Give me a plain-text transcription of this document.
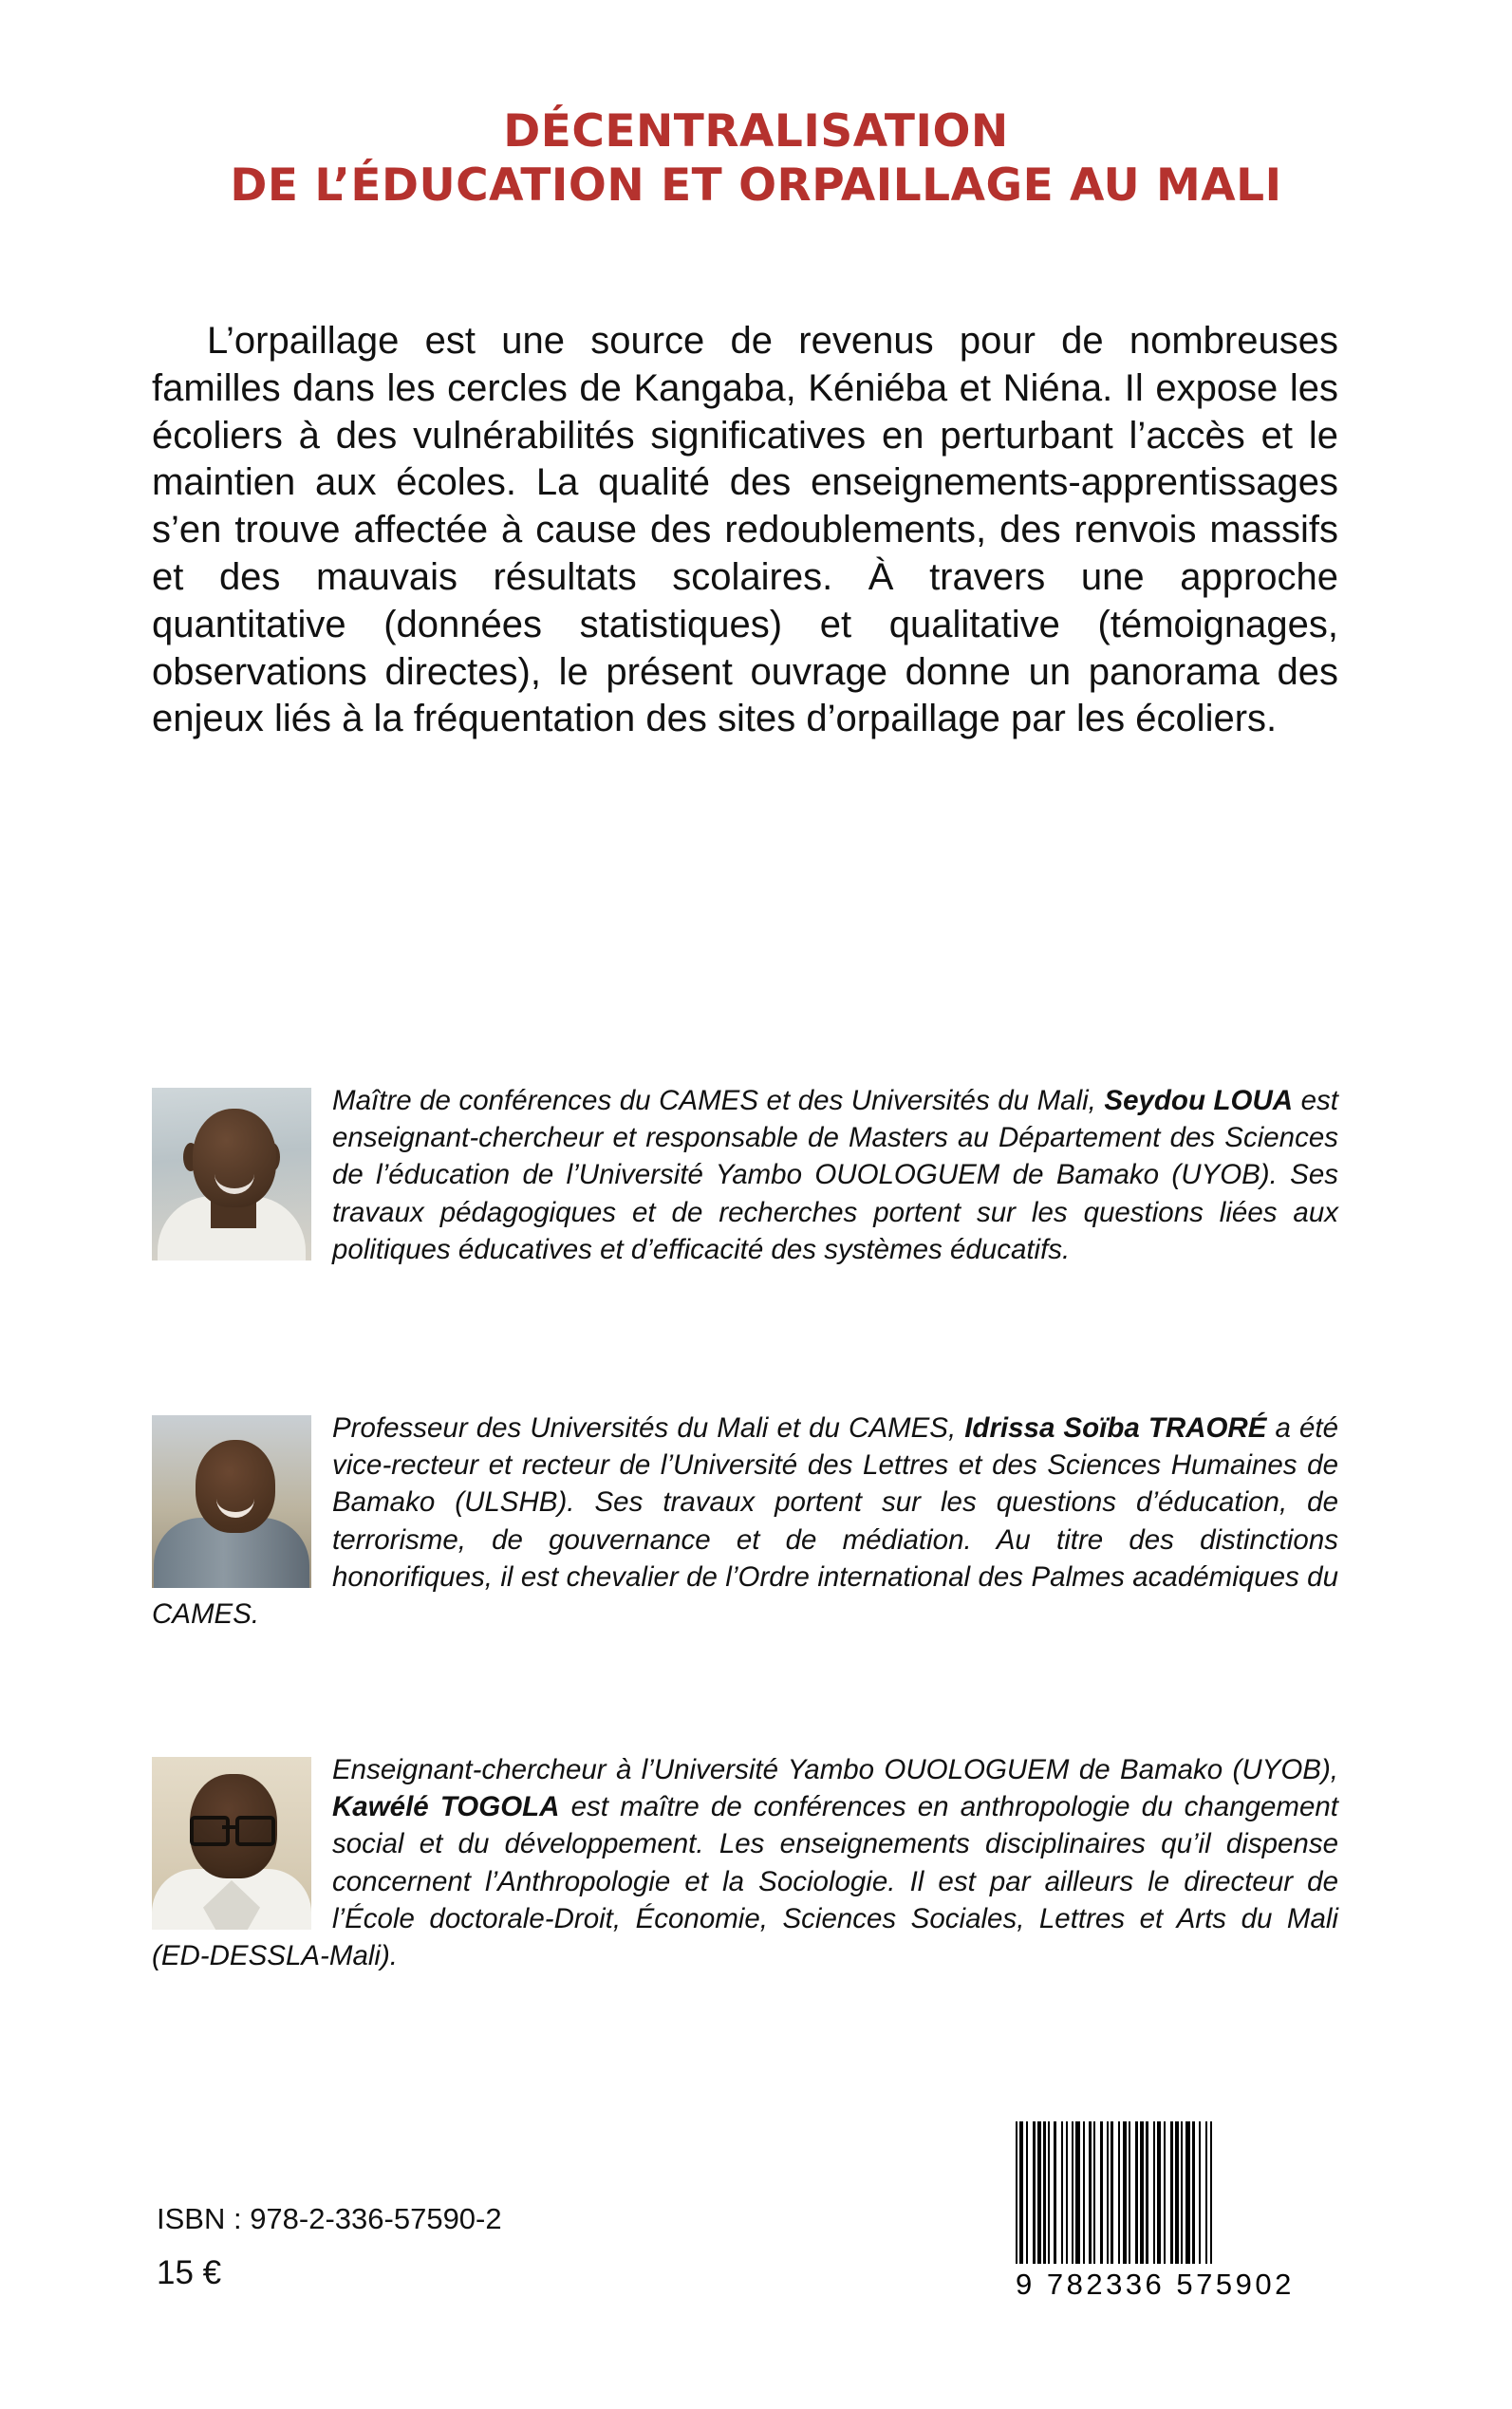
DÉCENTRALISATION
DE L’ÉDUCATION ET ORPAILLAGE AU MALI
L’orpaillage est une source de revenus pour de nombreuses familles dans les cercles de Kangaba, Kéniéba et Niéna. Il expose les écoliers à des vulnérabilités significatives en perturbant l’accès et le maintien aux écoles. La qualité des enseignements-apprentissages s’en trouve affectée à cause des redoublements, des renvois massifs et des mauvais résultats scolaires. À travers une approche quantitative (données statistiques) et qualitative (témoignages, observations directes), le présent ouvrage donne un panorama des enjeux liés à la fréquentation des sites d’orpaillage par les écoliers.
Maître de conférences du CAMES et des Universités du Mali, Seydou LOUA est enseignant-chercheur et responsable de Masters au Département des Sciences de l’éducation de l’Université Yambo OUOLOGUEM de Bamako (UYOB). Ses travaux pédagogiques et de recherches portent sur les questions liées aux politiques éducatives et d’efficacité des systèmes éducatifs.
Professeur des Universités du Mali et du CAMES, Idrissa Soïba TRAORÉ a été vice-recteur et recteur de l’Université des Lettres et des Sciences Humaines de Bamako (ULSHB). Ses travaux portent sur les questions d’éducation, de terrorisme, de gouvernance et de médiation. Au titre des distinctions honorifiques, il est chevalier de l’Ordre international des Palmes académiques du CAMES.
Enseignant-chercheur à l’Université Yambo OUOLOGUEM de Bamako (UYOB), Kawélé TOGOLA est maître de conférences en anthropologie du changement social et du développement. Les enseignements disciplinaires qu’il dispense concernent l’Anthropologie et la Sociologie. Il est par ailleurs le directeur de l’École doctorale-Droit, Économie, Sciences Sociales, Lettres et Arts du Mali (ED-DESSLA-Mali).
ISBN : 978-2-336-57590-2
15 €	9 782336 575902
